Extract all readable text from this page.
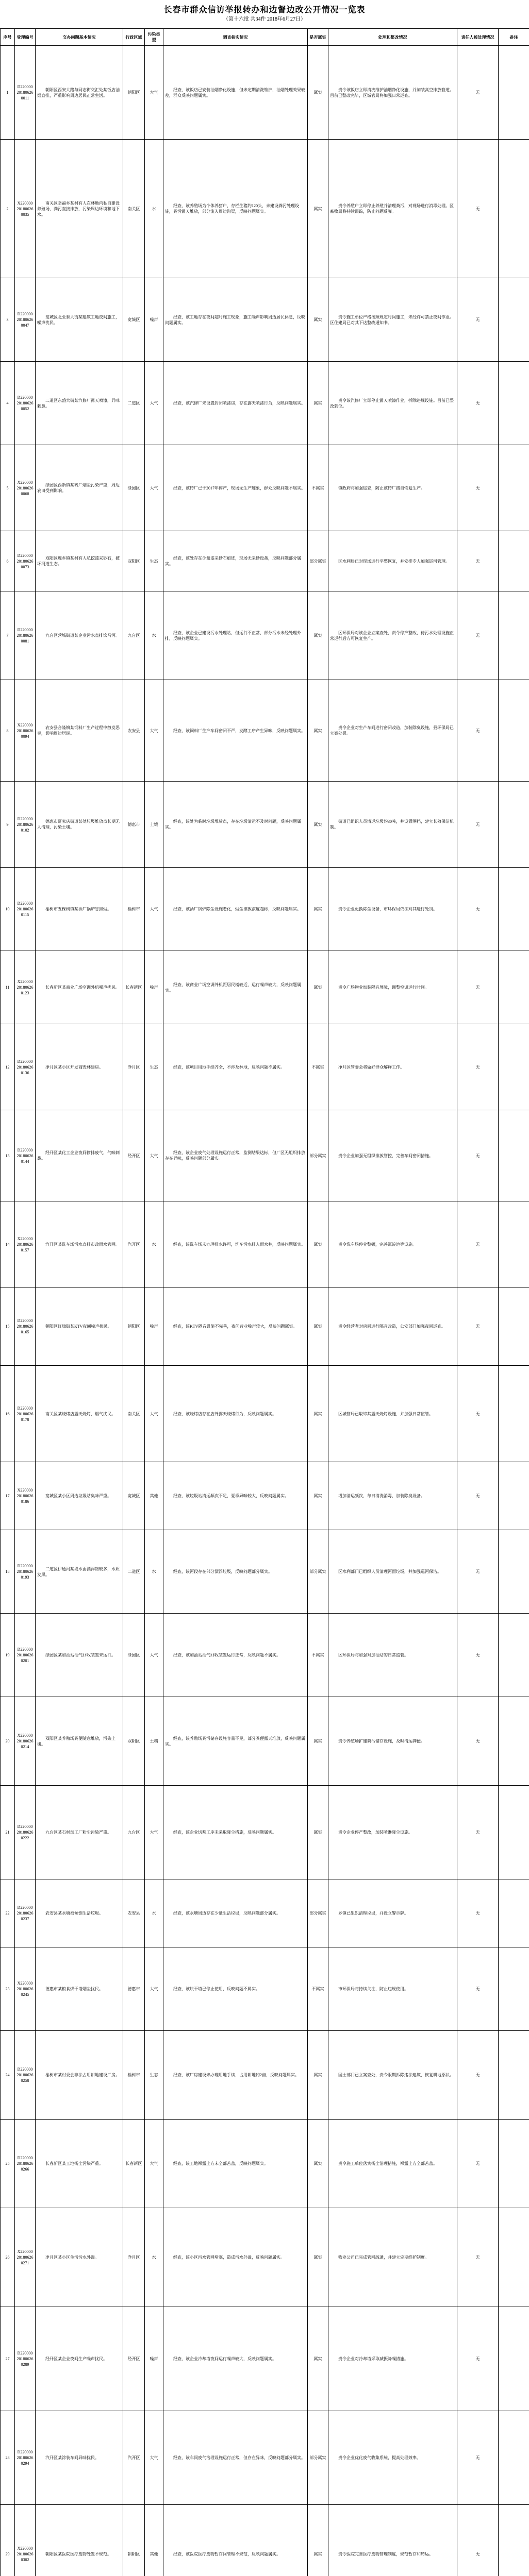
长春市群众信访举报转办和边督边改公开情况一览表
（第十六批 共34件 2018年6月27日）
序号	受理编号	交办问题基本情况	行政区域	污染类型	调查核实情况	是否属实	处理和整改情况	责任人被处理情况	备注
1	D220000201806260011	朝阳区西安大路与同志街交汇处某饭店油烟直排，严重影响周边居民正常生活。	朝阳区	大气	经查，该饭店已安装油烟净化设施，但未定期清洗维护，油烟处理效果较差，群众反映问题属实。	属实	责令该饭店立即清洗维护油烟净化设施，并加装高空排放管道。目前已整改完毕，区城管局将加强日常巡查。	无	
2	X220000201806260035	南关区幸福乡某村有人在林地内私自建设养殖场，粪污直接排放，污染周边环境和地下水。	南关区	水	经查，该养殖场为个体养猪户，存栏生猪约120头，未建设粪污处理设施，粪污露天堆放，部分流入周边沟渠，反映问题属实。	属实	责令养殖户立即停止养殖并清理粪污，对现场进行消毒处理。区畜牧局将持续跟踪，防止问题反弹。	无	
3	D220000201806260047	宽城区北亚泰大街某建筑工地夜间施工，噪声扰民。	宽城区	噪声	经查，该工地存在夜间超时施工现象，施工噪声影响周边居民休息，反映问题属实。	属实	责令施工单位严格按照规定时间施工，未经许可禁止夜间作业。区住建局已对其下达整改通知书。	无	
4	D220000201806260052	二道区东盛大街某汽修厂露天喷漆，异味刺鼻。	二道区	大气	经查，该汽修厂未设置封闭喷漆房，存在露天喷漆行为，反映问题属实。	属实	责令该汽修厂立即停止露天喷漆作业，拆除违规设施。目前已整改到位。	无	
5	X220000201806260068	绿园区西新镇某砖厂烟尘污染严重，周边农田受到影响。	绿园区	大气	经查，该砖厂已于2017年停产，现场无生产迹象，群众反映问题不属实。	不属实	镇政府将加强巡查，防止该砖厂擅自恢复生产。	无	
6	D220000201806260073	双阳区鹿乡镇某村有人私挖滥采砂石，破坏河道生态。	双阳区	生态	经查，该处存在少量盗采砂石痕迹，现场无采砂设备，反映问题部分属实。	部分属实	区水利局已对现场进行平整恢复，并安排专人加强巡河管理。	无	
7	D220000201806260081	九台区营城街道某企业污水直排饮马河。	九台区	水	经查，该企业已建设污水处理站，但运行不正常，部分污水未经处理外排，反映问题属实。	属实	区环保局对该企业立案查处，责令停产整改，待污水处理设施正常运行后方可恢复生产。	无	
8	X220000201806260094	农安县合隆镇某饲料厂生产过程中散发恶臭，影响周边居民。	农安县	大气	经查，该饲料厂生产车间密闭不严，发酵工序产生异味，反映问题属实。	属实	责令企业对生产车间进行密闭改造，加装除臭设施，县环保局已立案处罚。	无	
9	D220000201806260102	德惠市夏家店街道某处垃圾堆放点长期无人清理，污染土壤。	德惠市	土壤	经查，该处为临时垃圾堆放点，存在垃圾清运不及时问题，反映问题属实。	属实	街道已组织人员清运垃圾约30吨，并设置围挡，建立长效保洁机制。	无	
10	D220000201806260115	榆树市五棵树镇某酒厂锅炉冒黑烟。	榆树市	大气	经查，该酒厂锅炉除尘设施老化，烟尘排放浓度超标，反映问题属实。	属实	责令企业更换除尘设备，市环保局依法对其进行处罚。	无	
11	X220000201806260123	长春新区某商业广场空调外机噪声扰民。	长春新区	噪声	经查，该商业广场空调外机距居民楼较近，运行噪声较大，反映问题属实。	属实	责令广场物业加装隔音屏障，调整空调运行时间。	无	
12	D220000201806260136	净月区某小区开发商毁林建房。	净月区	生态	经查，该项目用地手续齐全，不涉及林地，反映问题不属实。	不属实	净月区管委会将做好群众解释工作。	无	
13	D220000201806260144	经开区某化工企业夜间偷排废气，气味刺鼻。	经开区	大气	经查，该企业废气处理设施运行正常，监测结果达标，但厂区无组织排放存在异味，反映问题部分属实。	部分属实	责令企业加强无组织排放管控，完善车间密闭措施。	无	
14	X220000201806260157	汽开区某洗车场污水直排市政雨水管网。	汽开区	水	经查，该洗车场未办理排水许可，洗车污水排入雨水井，反映问题属实。	属实	责令洗车场停业整顿，完善沉淀池等设施。	无	
15	D220000201806260165	朝阳区红旗街某KTV夜间噪声扰民。	朝阳区	噪声	经查，该KTV隔音设施不完善，夜间营业噪声较大，反映问题属实。	属实	责令经营者对房间进行隔音改造，公安部门加强夜间巡查。	无	
16	D220000201806260178	南关区某烧烤店露天烧烤，烟气扰民。	南关区	大气	经查，该烧烤店存在店外露天烧烤行为，反映问题属实。	属实	区城管局已取缔其露天烧烤设施，并加强日常监管。	无	
17	X220000201806260186	宽城区某小区周边垃圾站臭味严重。	宽城区	其他	经查，该垃圾站清运频次不足，夏季异味较大，反映问题属实。	属实	增加清运频次，每日清洗消毒，加装除臭设备。	无	
18	D220000201806260193	二道区伊通河某段水面漂浮物较多，水质发黑。	二道区	水	经查，该河段存在部分漂浮垃圾，反映问题部分属实。	部分属实	区水利部门已组织人员清理河面垃圾，并加强巡河保洁。	无	
19	D220000201806260201	绿园区某加油站油气回收装置未运行。	绿园区	大气	经查，该加油站油气回收装置运行正常，反映问题不属实。	不属实	区环保局将加强对加油站的日常监管。	无	
20	X220000201806260214	双阳区某养殖场粪便随意堆放，污染土壤。	双阳区	土壤	经查，该养殖场粪污储存设施容量不足，部分粪便露天堆放，反映问题属实。	属实	责令养殖场扩建粪污储存设施，及时清运粪便。	无	
21	D220000201806260222	九台区某石材加工厂粉尘污染严重。	九台区	大气	经查，该企业切割工序未采取降尘措施，反映问题属实。	属实	责令企业停产整改，加装喷淋降尘设施。	无	
22	D220000201806260237	农安县某水塘被倾倒生活垃圾。	农安县	水	经查，该水塘周边存在少量生活垃圾，反映问题部分属实。	部分属实	乡镇已组织清理垃圾，并设立警示牌。	无	
23	X220000201806260245	德惠市某粮食烘干塔烟尘扰民。	德惠市	大气	经查，该烘干塔已停止使用，反映问题不属实。	不属实	市环保局将持续关注，防止违规使用。	无	
24	D220000201806260258	榆树市某村委会非法占用耕地建设厂房。	榆树市	生态	经查，该厂房建设未办理用地手续，占用耕地约2亩，反映问题属实。	属实	国土部门已立案查处，责令限期拆除违法建筑，恢复耕地原状。	无	
25	D220000201806260266	长春新区某工地扬尘污染严重。	长春新区	大气	经查，该工地裸露土方未全部苫盖，反映问题属实。	属实	责令施工单位落实扬尘治理措施，裸露土方全部苫盖。	无	
26	X220000201806260271	净月区某小区生活污水外溢。	净月区	水	经查，该小区污水管网堵塞，造成污水外溢，反映问题属实。	属实	物业公司已完成管网疏通，并建立定期维护制度。	无	
27	D220000201806260289	经开区某企业夜间生产噪声扰民。	经开区	噪声	经查，该企业冷却塔夜间运行噪声较大，反映问题属实。	属实	责令企业对冷却塔采取减振降噪措施。	无	
28	D220000201806260294	汽开区某涂装车间异味扰民。	汽开区	大气	经查，该车间废气治理设施运行正常，但存在异味，反映问题部分属实。	部分属实	责令企业优化废气收集系统，提高处理效率。	无	
29	X220000201806260302	朝阳区某医院医疗废物处置不规范。	朝阳区	其他	经查，该医院医疗废物暂存间管理不规范，反映问题属实。	属实	责令医院完善医疗废物管理制度，规范暂存和转运。	无	
